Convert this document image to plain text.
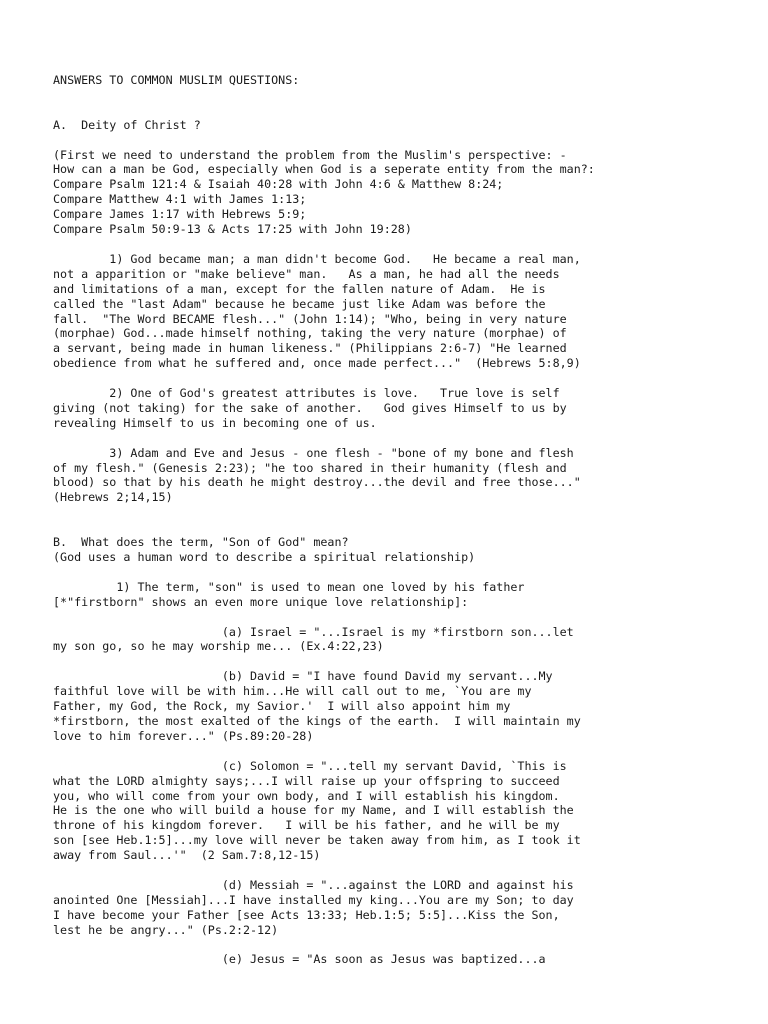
ANSWERS TO COMMON MUSLIM QUESTIONS:

A.  Deity of Christ ?

(First we need to understand the problem from the Muslim's perspective: -
How can a man be God, especially when God is a seperate entity from the man?:
Compare Psalm 121:4 & Isaiah 40:28 with John 4:6 & Matthew 8:24;
Compare Matthew 4:1 with James 1:13;
Compare James 1:17 with Hebrews 5:9;
Compare Psalm 50:9-13 & Acts 17:25 with John 19:28)

1) God became man; a man didn't become God.   He became a real man,
not a apparition or "make believe" man.   As a man, he had all the needs
and limitations of a man, except for the fallen nature of Adam.  He is
called the "last Adam" because he became just like Adam was before the
fall.  "The Word BECAME flesh..." (John 1:14); "Who, being in very nature
(morphae) God...made himself nothing, taking the very nature (morphae) of
a servant, being made in human likeness." (Philippians 2:6-7) "He learned
obedience from what he suffered and, once made perfect..."  (Hebrews 5:8,9)

2) One of God's greatest attributes is love.   True love is self
giving (not taking) for the sake of another.   God gives Himself to us by
revealing Himself to us in becoming one of us.

3) Adam and Eve and Jesus - one flesh - "bone of my bone and flesh
of my flesh." (Genesis 2:23); "he too shared in their humanity (flesh and
blood) so that by his death he might destroy...the devil and free those..."
(Hebrews 2;14,15)

B.  What does the term, "Son of God" mean?
(God uses a human word to describe a spiritual relationship)

1) The term, "son" is used to mean one loved by his father
[*"firstborn" shows an even more unique love relationship]:

(a) Israel = "...Israel is my *firstborn son...let
my son go, so he may worship me... (Ex.4:22,23)

(b) David = "I have found David my servant...My
faithful love will be with him...He will call out to me, `You are my
Father, my God, the Rock, my Savior.'  I will also appoint him my
*firstborn, the most exalted of the kings of the earth.  I will maintain my
love to him forever..." (Ps.89:20-28)

(c) Solomon = "...tell my servant David, `This is
what the LORD almighty says;...I will raise up your offspring to succeed
you, who will come from your own body, and I will establish his kingdom.
He is the one who will build a house for my Name, and I will establish the
throne of his kingdom forever.   I will be his father, and he will be my
son [see Heb.1:5]...my love will never be taken away from him, as I took it
away from Saul...'"  (2 Sam.7:8,12-15)

(d) Messiah = "...against the LORD and against his
anointed One [Messiah]...I have installed my king...You are my Son; to day
I have become your Father [see Acts 13:33; Heb.1:5; 5:5]...Kiss the Son,
lest he be angry..." (Ps.2:2-12)

(e) Jesus = "As soon as Jesus was baptized...a
